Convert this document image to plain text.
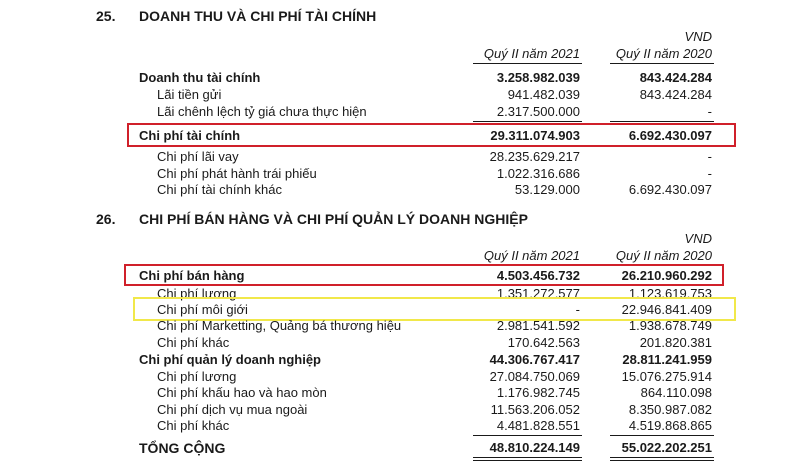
25. DOANH THU VÀ CHI PHÍ TÀI CHÍNH
VND
Quý II năm 2021	Quý II năm 2020
Doanh thu tài chính	3.258.982.039	843.424.284
Lãi tiền gửi	941.482.039	843.424.284
Lãi chênh lệch tỷ giá chưa thực hiện	2.317.500.000	-
Chi phí tài chính	29.311.074.903	6.692.430.097
Chi phí lãi vay	28.235.629.217	-
Chi phí phát hành trái phiếu	1.022.316.686	-
Chi phí tài chính khác	53.129.000	6.692.430.097
26. CHI PHÍ BÁN HÀNG VÀ CHI PHÍ QUẢN LÝ DOANH NGHIỆP
VND
Quý II năm 2021	Quý II năm 2020
Chi phí bán hàng	4.503.456.732	26.210.960.292
Chi phí lương	1.351.272.577	1.123.619.753
Chi phí môi giới	-	22.946.841.409
Chi phí Marketting, Quảng bá thương hiệu	2.981.541.592	1.938.678.749
Chi phí khác	170.642.563	201.820.381
Chi phí quản lý doanh nghiệp	44.306.767.417	28.811.241.959
Chi phí lương	27.084.750.069	15.076.275.914
Chi phí khấu hao và hao mòn	1.176.982.745	864.110.098
Chi phí dịch vụ mua ngoài	11.563.206.052	8.350.987.082
Chi phí khác	4.481.828.551	4.519.868.865
TỔNG CỘNG	48.810.224.149	55.022.202.251
